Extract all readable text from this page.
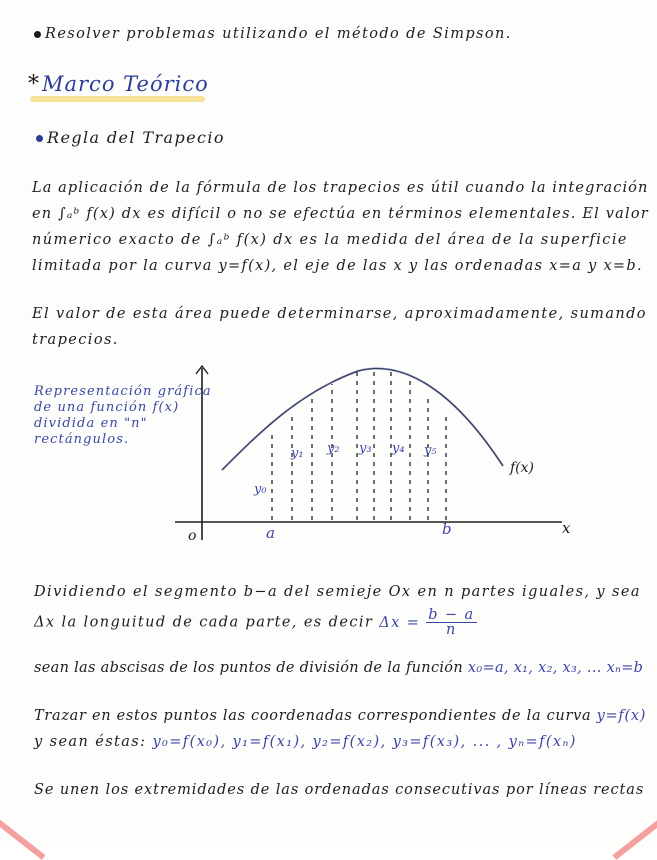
Resolver problemas utilizando el método de Simpson.
*Marco Teórico
Regla del Trapecio
La aplicación de la fórmula de los trapecios es útil cuando la integración
en ∫ₐᵇ f(x) dx es difícil o no se efectúa en términos elementales. El valor
númerico exacto de ∫ₐᵇ f(x) dx es la medida del área de la superficie
limitada por la curva y=f(x), el eje de las x y las ordenadas x=a y x=b.
El valor de esta área puede determinarse, aproximadamente, sumando
trapecios.
Representación gráfica
de una función f(x)
dividida en "n"
rectángulos.
o	x
a	b
f(x)
y₀
y₁ y₂ y₃ y₄ y₅
Dividiendo el segmento b−a del semieje Ox en n partes iguales, y sea
Δx la longuitud de cada parte, es decir $\Delta x = \frac{b - a}{n}$
sean las abscisas de los puntos de división de la función x₀=a, x₁, x₂, x₃, ... xₙ=b
Trazar en estos puntos las coordenadas correspondientes de la curva y=f(x)
y sean éstas: y₀=f(x₀), y₁=f(x₁), y₂=f(x₂), y₃=f(x₃), ... , yₙ=f(xₙ)
Se unen los extremidades de las ordenadas consecutivas por líneas rectas
